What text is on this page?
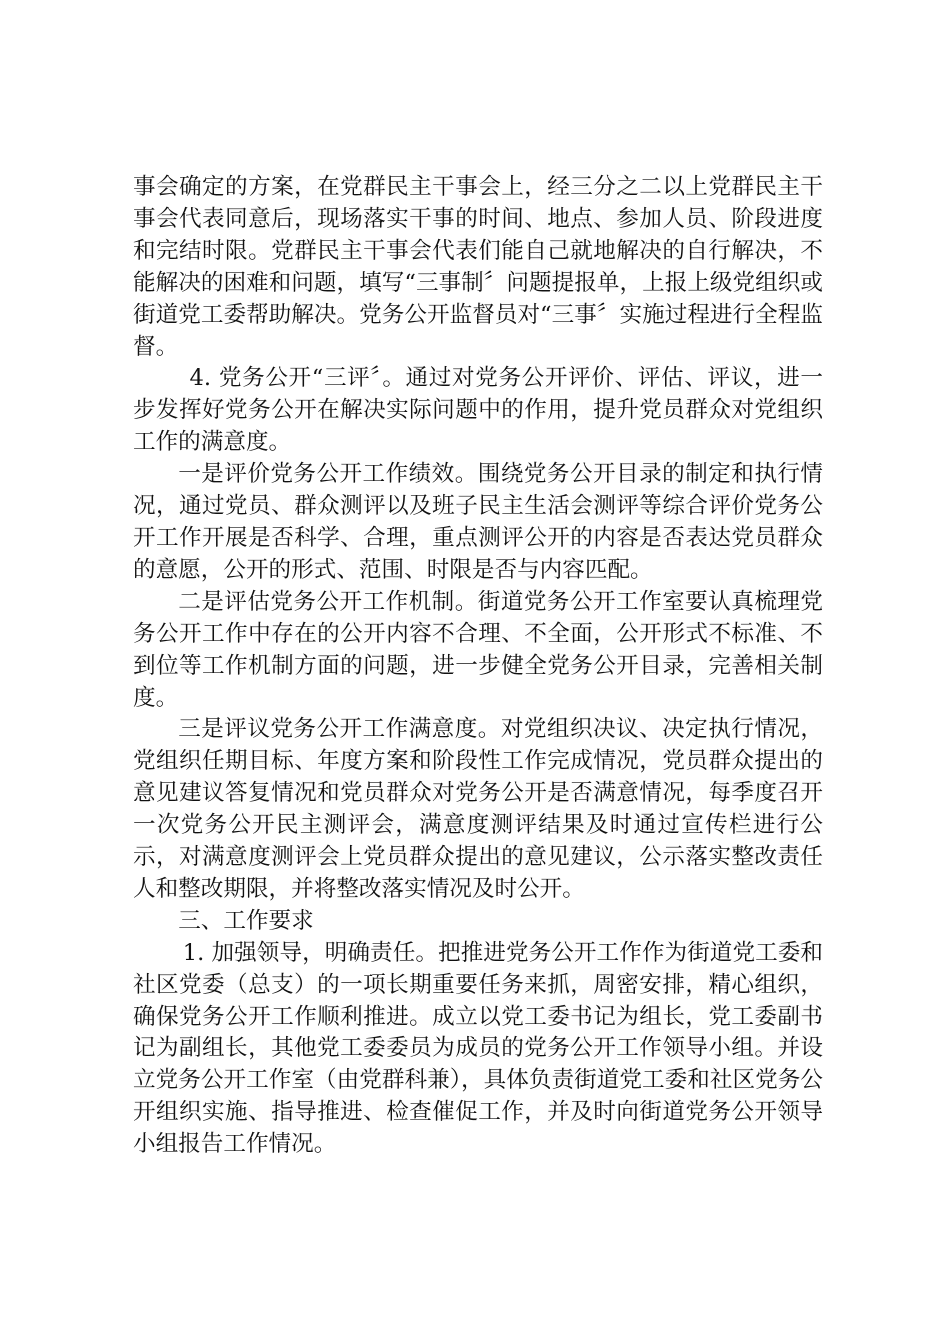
事会确定的方案，在党群民主干事会上，经三分之二以上党群民主干事会代表同意后，现场落实干事的时间、地点、参加人员、阶段进度和完结时限。党群民主干事会代表们能自己就地解决的自行解决，不能解决的困难和问题，填写“三事制〞问题提报单，上报上级党组织或街道党工委帮助解决。党务公开监督员对“三事〞实施过程进行全程监督。

4. 党务公开“三评〞。通过对党务公开评价、评估、评议，进一步发挥好党务公开在解决实际问题中的作用，提升党员群众对党组织工作的满意度。

一是评价党务公开工作绩效。围绕党务公开目录的制定和执行情况，通过党员、群众测评以及班子民主生活会测评等综合评价党务公开工作开展是否科学、合理，重点测评公开的内容是否表达党员群众的意愿，公开的形式、范围、时限是否与内容匹配。

二是评估党务公开工作机制。街道党务公开工作室要认真梳理党务公开工作中存在的公开内容不合理、不全面，公开形式不标准、不到位等工作机制方面的问题，进一步健全党务公开目录，完善相关制度。

三是评议党务公开工作满意度。对党组织决议、决定执行情况，党组织任期目标、年度方案和阶段性工作完成情况，党员群众提出的意见建议答复情况和党员群众对党务公开是否满意情况，每季度召开一次党务公开民主测评会，满意度测评结果及时通过宣传栏进行公示，对满意度测评会上党员群众提出的意见建议，公示落实整改责任人和整改期限，并将整改落实情况及时公开。

三、工作要求

1. 加强领导，明确责任。把推进党务公开工作作为街道党工委和社区党委（总支）的一项长期重要任务来抓，周密安排，精心组织，确保党务公开工作顺利推进。成立以党工委书记为组长，党工委副书记为副组长，其他党工委委员为成员的党务公开工作领导小组。并设立党务公开工作室（由党群科兼），具体负责街道党工委和社区党务公开组织实施、指导推进、检查催促工作，并及时向街道党务公开领导小组报告工作情况。
